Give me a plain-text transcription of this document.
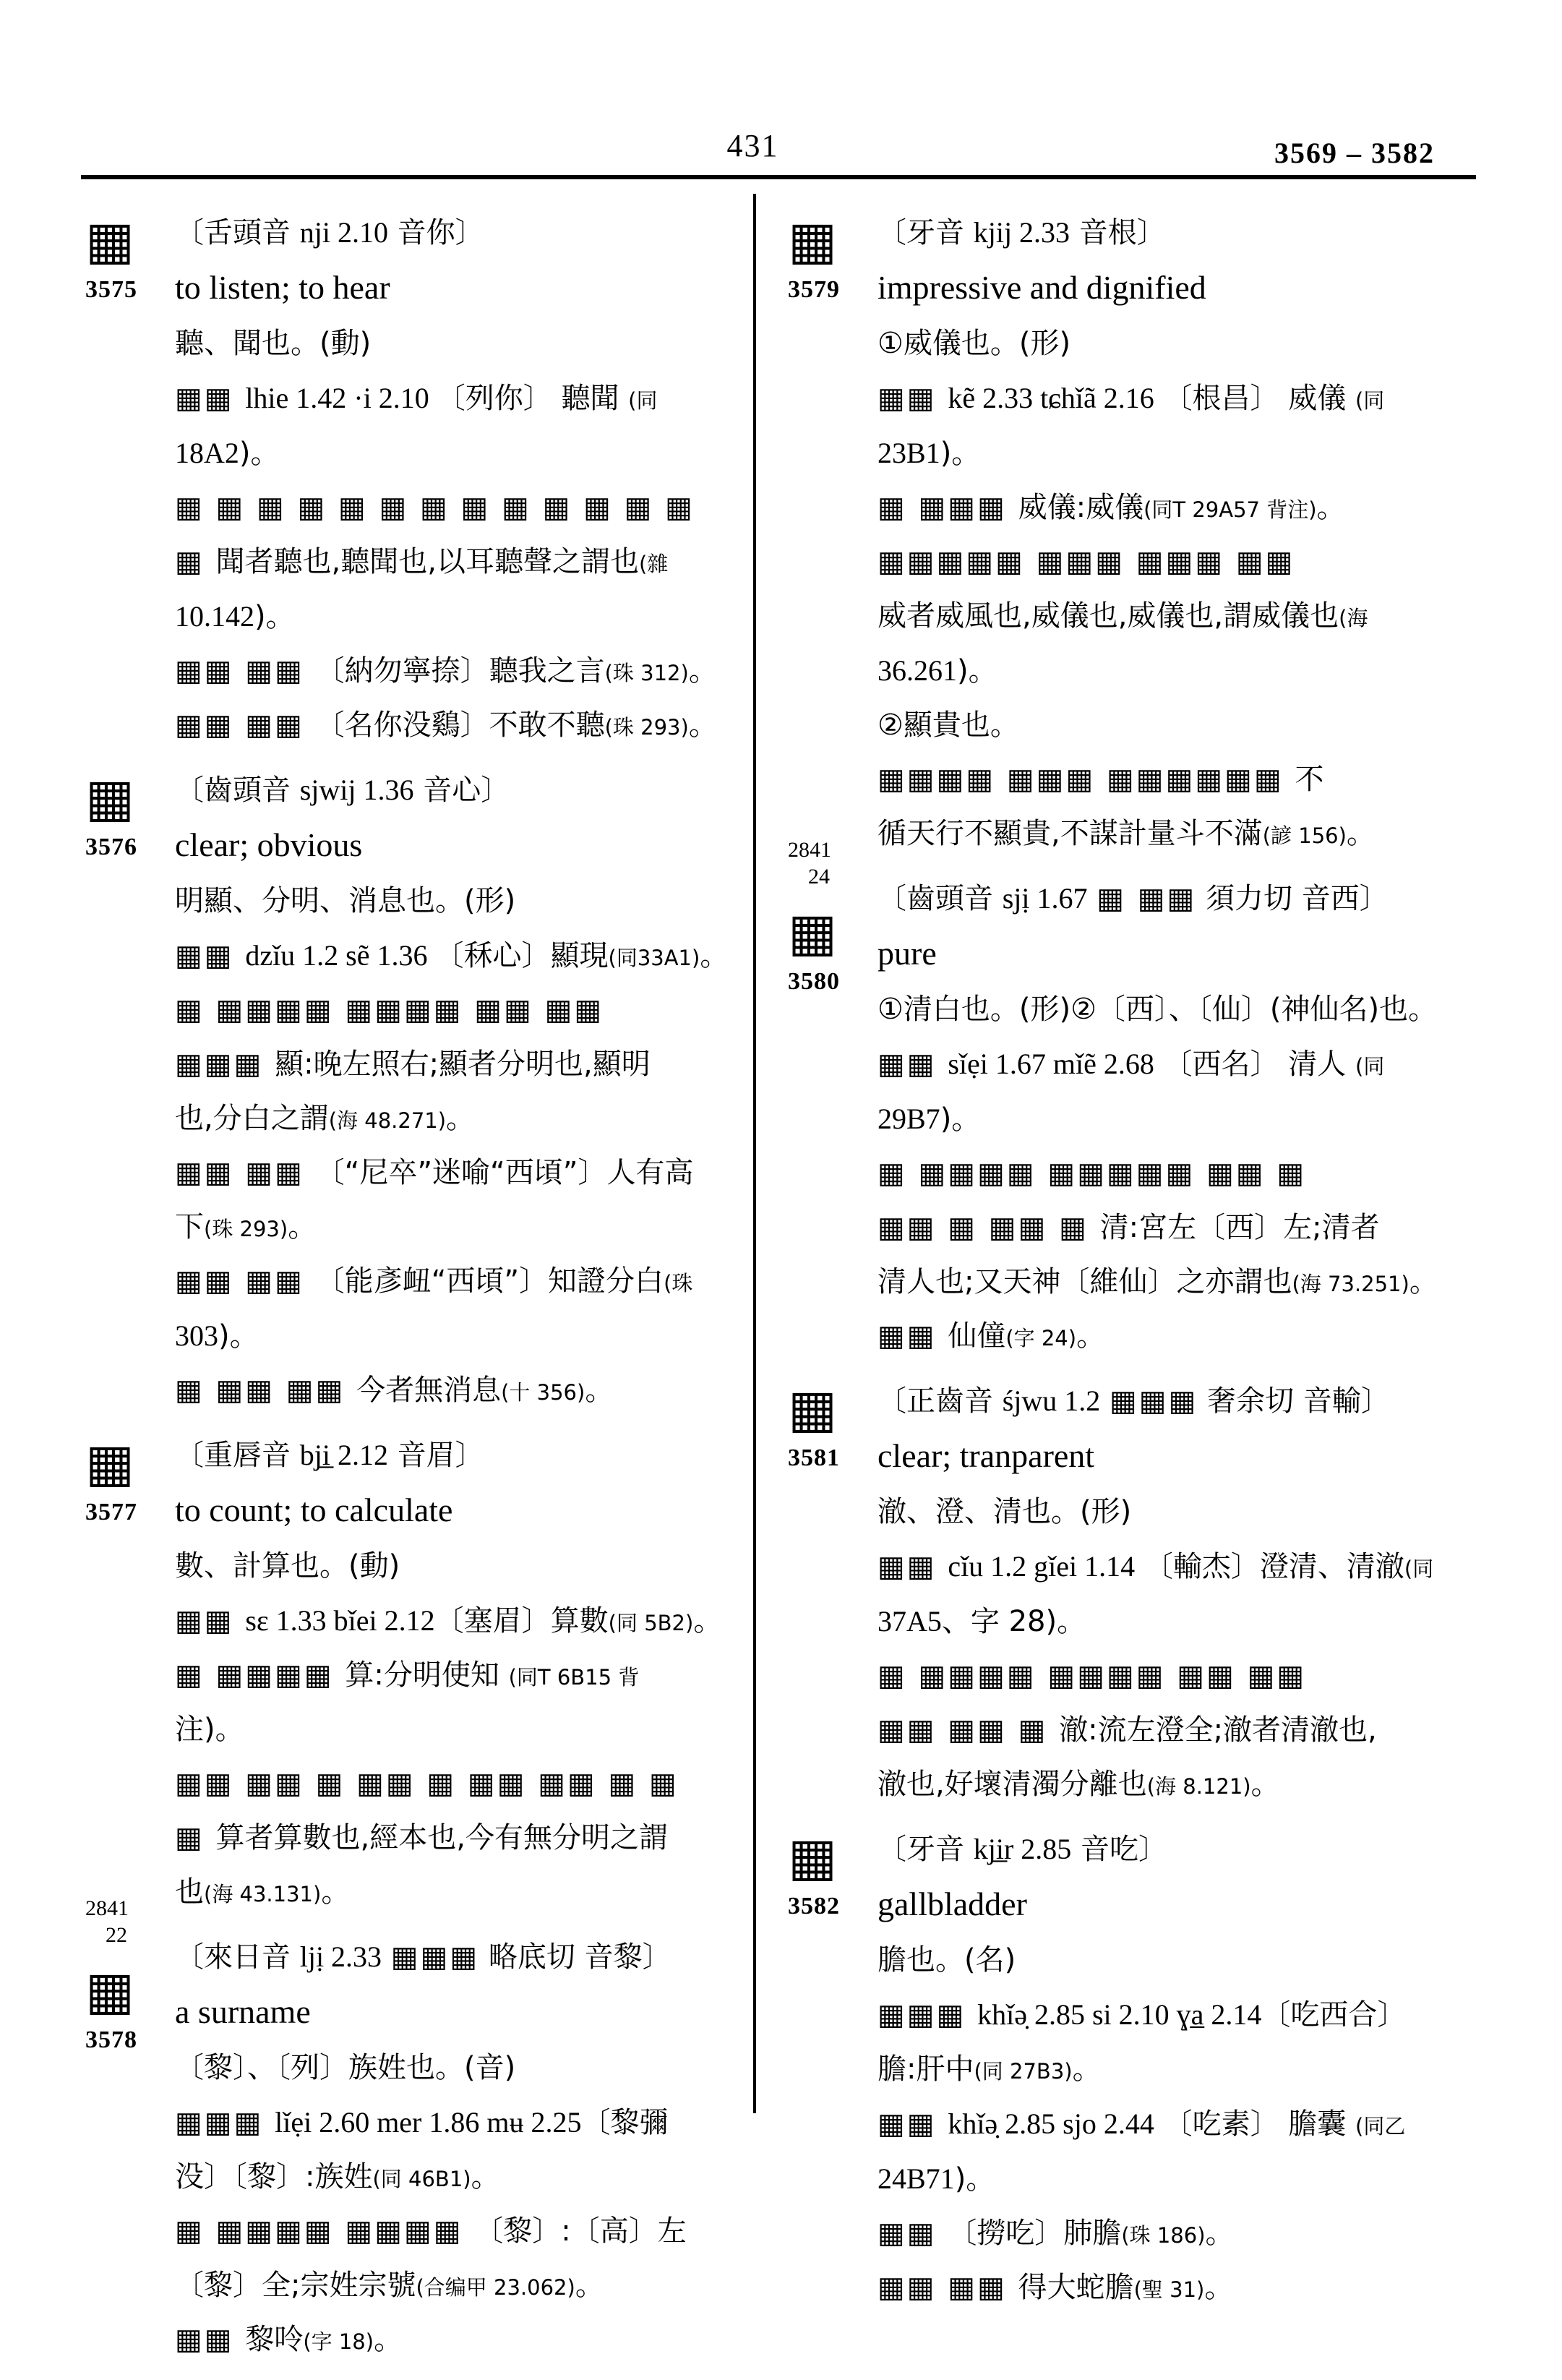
431	3569 – 3582
▦
3575
〔舌頭音 nji 2.10 音你〕
to listen; to hear
聽、聞也。(動)
▦▦ lhie 1.42 ·i 2.10 〔列你〕 聽聞 (同
18A2)。
▦ ▦ ▦ ▦ ▦ ▦ ▦ ▦ ▦ ▦ ▦ ▦ ▦
▦ 聞者聽也,聽聞也,以耳聽聲之謂也(雜
10.142)。
▦▦ ▦▦ 〔納勿寧捺〕聽我之言(珠 312)。
▦▦ ▦▦ 〔名你没鷄〕不敢不聽(珠 293)。
▦
3576
〔齒頭音 sjwij 1.36 音心〕
clear; obvious
明顯、分明、消息也。(形)
▦▦ dzǐu 1.2 sẽ 1.36 〔秝心〕顯現(同33A1)。
▦ ▦▦▦▦ ▦▦▦▦ ▦▦ ▦▦
▦▦▦ 顯:晚左照右;顯者分明也,顯明
也,分白之謂(海 48.271)。
▦▦ ▦▦ 〔“尼卒”迷喻“西頃”〕人有高
下(珠 293)。
▦▦ ▦▦ 〔能彥衄“西頃”〕知證分白(珠
303)。
▦ ▦▦ ▦▦ 今者無消息(十 356)。
▦
3577
〔重唇音 bji̲ 2.12 音眉〕
to count; to calculate
數、計算也。(動)
▦▦ sɛ 1.33 bǐei 2.12〔塞眉〕算數(同 5B2)。
▦ ▦▦▦▦ 算:分明使知 (同T 6B15 背
注)。
▦▦ ▦▦ ▦ ▦▦ ▦ ▦▦ ▦▦ ▦ ▦
▦ 算者算數也,經本也,今有無分明之謂
也(海 43.131)。
2841
22
▦
3578
〔來日音 ljị 2.33 ▦▦▦ 略底切 音黎〕
a surname
〔黎〕、〔列〕族姓也。(音)
▦▦▦ lǐẹi 2.60 mer 1.86 mʉ 2.25〔黎彌
没〕〔黎〕:族姓(同 46B1)。
▦ ▦▦▦▦ ▦▦▦▦ 〔黎〕:〔高〕左
〔黎〕全;宗姓宗號(合编甲 23.062)。
▦▦ 黎呤(字 18)。
▦
3579
〔牙音 kjij 2.33 音根〕
impressive and dignified
①威儀也。(形)
▦▦ kẽ 2.33 tɕhǐã 2.16 〔根昌〕 威儀 (同
23B1)。
▦ ▦▦▦ 威儀:威儀(同T 29A57 背注)。
▦▦▦▦▦ ▦▦▦ ▦▦▦ ▦▦
威者威風也,威儀也,威儀也,謂威儀也(海
36.261)。
②顯貴也。
▦▦▦▦ ▦▦▦ ▦▦▦▦▦▦ 不
循天行不顯貴,不謀計量斗不滿(諺 156)。
2841
24
▦
3580
〔齒頭音 sjị 1.67 ▦ ▦▦ 須力切 音西〕
pure
①清白也。(形)②〔西〕、〔仙〕(神仙名)也。
▦▦ sǐẹi 1.67 mǐẽ 2.68 〔西名〕 清人 (同
29B7)。
▦ ▦▦▦▦ ▦▦▦▦▦ ▦▦ ▦
▦▦ ▦ ▦▦ ▦ 清:宮左〔西〕左;清者
清人也;又天神〔維仙〕之亦謂也(海 73.251)。
▦▦ 仙僮(字 24)。
▦
3581
〔正齒音 śjwu 1.2 ▦▦▦ 奢余切 音輸〕
clear; tranparent
澈、澄、清也。(形)
▦▦ cǐu 1.2 gǐei 1.14 〔輸杰〕澄清、清澈(同
37A5、字 28)。
▦ ▦▦▦▦ ▦▦▦▦ ▦▦ ▦▦
▦▦ ▦▦ ▦ 澈:流左澄全;澈者清澈也,
澈也,好壞清濁分離也(海 8.121)。
▦
3582
〔牙音 kji̲r 2.85 音吃〕
gallbladder
膽也。(名)
▦▦▦ khǐə̣ 2.85 si 2.10 ɣa̲ 2.14〔吃西合〕
膽:肝中(同 27B3)。
▦▦ khǐə̣ 2.85 sjo 2.44 〔吃素〕 膽囊 (同乙
24B71)。
▦▦ 〔撈吃〕肺膽(珠 186)。
▦▦ ▦▦ 得大蛇膽(聖 31)。
